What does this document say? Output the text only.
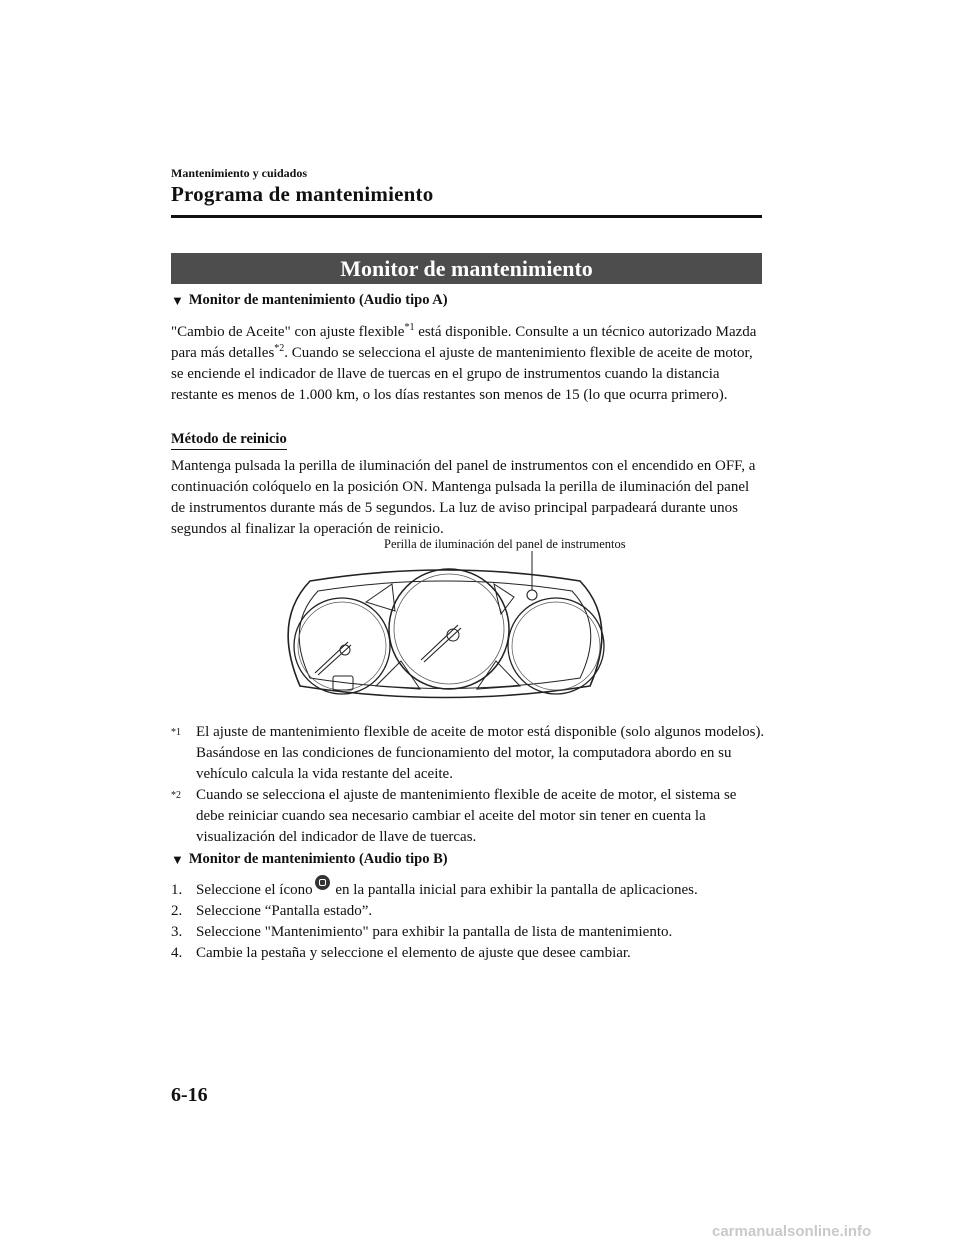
Mantenimiento y cuidados
Programa de mantenimiento
Monitor de mantenimiento
▼ Monitor de mantenimiento (Audio tipo A)
"Cambio de Aceite" con ajuste flexible$^{*1}$ está disponible. Consulte a un técnico autorizado Mazda para más detalles$^{*2}$. Cuando se selecciona el ajuste de mantenimiento flexible de aceite de motor, se enciende el indicador de llave de tuercas en el grupo de instrumentos cuando la distancia restante es menos de 1.000 km, o los días restantes son menos de 15 (lo que ocurra primero).
Método de reinicio
Mantenga pulsada la perilla de iluminación del panel de instrumentos con el encendido en OFF, a continuación colóquelo en la posición ON. Mantenga pulsada la perilla de iluminación del panel de instrumentos durante más de 5 segundos. La luz de aviso principal parpadeará durante unos segundos al finalizar la operación de reinicio.
Perilla de iluminación del panel de instrumentos
$^{*1}$ El ajuste de mantenimiento flexible de aceite de motor está disponible (solo algunos modelos). Basándose en las condiciones de funcionamiento del motor, la computadora abordo en su vehículo calcula la vida restante del aceite.
$^{*2}$ Cuando se selecciona el ajuste de mantenimiento flexible de aceite de motor, el sistema se debe reiniciar cuando sea necesario cambiar el aceite del motor sin tener en cuenta la visualización del indicador de llave de tuercas.
▼ Monitor de mantenimiento (Audio tipo B)
1. Seleccione el ícono en la pantalla inicial para exhibir la pantalla de aplicaciones.
2. Seleccione “Pantalla estado”.
3. Seleccione "Mantenimiento" para exhibir la pantalla de lista de mantenimiento.
4. Cambie la pestaña y seleccione el elemento de ajuste que desee cambiar.
6-16
carmanualsonline.info
